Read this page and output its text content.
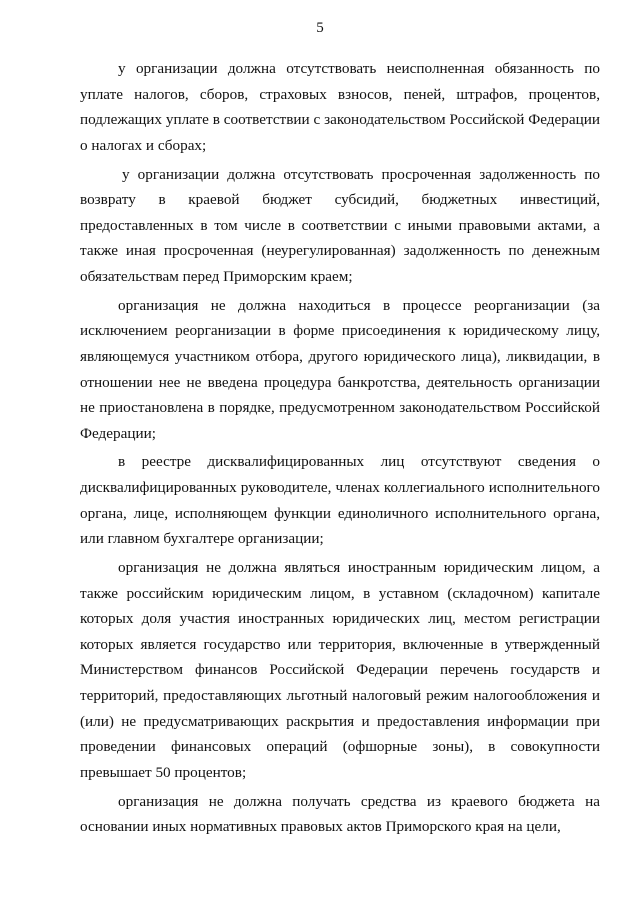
5

у организации должна отсутствовать неисполненная обязанность по уплате налогов, сборов, страховых взносов, пеней, штрафов, процентов, подлежащих уплате в соответствии с законодательством Российской Федерации о налогах и сборах;

у организации должна отсутствовать просроченная задолженность по возврату в краевой бюджет субсидий, бюджетных инвестиций, предоставленных в том числе в соответствии с иными правовыми актами, а также иная просроченная (неурегулированная) задолженность по денежным обязательствам перед Приморским краем;

организация не должна находиться в процессе реорганизации (за исключением реорганизации в форме присоединения к юридическому лицу, являющемуся участником отбора, другого юридического лица), ликвидации, в отношении нее не введена процедура банкротства, деятельность организации не приостановлена в порядке, предусмотренном законодательством Российской Федерации;

в реестре дисквалифицированных лиц отсутствуют сведения о дисквалифицированных руководителе, членах коллегиального исполнительного органа, лице, исполняющем функции единоличного исполнительного органа, или главном бухгалтере организации;

организация не должна являться иностранным юридическим лицом, а также российским юридическим лицом, в уставном (складочном) капитале которых доля участия иностранных юридических лиц, местом регистрации которых является государство или территория, включенные в утвержденный Министерством финансов Российской Федерации перечень государств и территорий, предоставляющих льготный налоговый режим налогообложения и (или) не предусматривающих раскрытия и предоставления информации при проведении финансовых операций (офшорные зоны), в совокупности превышает 50 процентов;

организация не должна получать средства из краевого бюджета на основании иных нормативных правовых актов Приморского края на цели,
